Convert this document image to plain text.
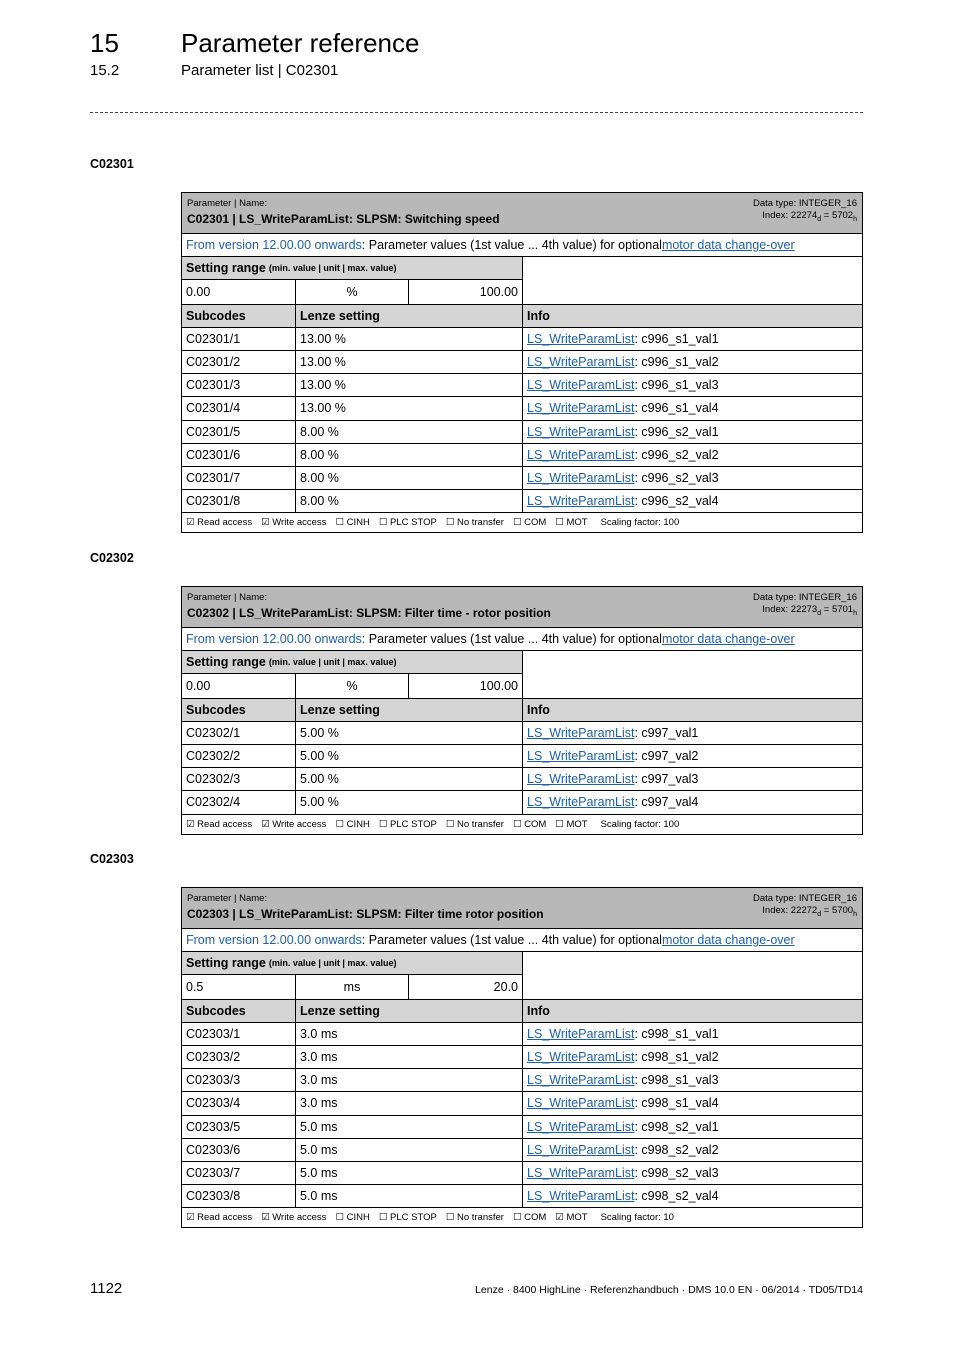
15 Parameter reference
15.2	Parameter list | C02301
C02301
Parameter | Name:
C02301 | LS_WriteParamList: SLPSM: Switching speed
Data type: INTEGER_16
Index: $22274_d = 5702_h$
From version 12.00.00 onwards : Parameter values (1st value ... 4th value) for optional motor data change-over
Setting range (min. value | unit | max. value)
0.00	%	100.00
Subcodes	Lenze setting	Info
C02301/1	13.00 %	LS_WriteParamList : c996_s1_val1
C02301/2	13.00 %	LS_WriteParamList : c996_s1_val2
C02301/3	13.00 %	LS_WriteParamList : c996_s1_val3
C02301/4	13.00 %	LS_WriteParamList : c996_s1_val4
C02301/5	8.00 %	LS_WriteParamList : c996_s2_val1
C02301/6	8.00 %	LS_WriteParamList : c996_s2_val2
C02301/7	8.00 %	LS_WriteParamList : c996_s2_val3
C02301/8	8.00 %	LS_WriteParamList : c996_s2_val4
☑ Read access ☑ Write access ☐ CINH ☐ PLC STOP ☐ No transfer ☐ COM ☐ MOT Scaling factor: 100
C02302
Parameter | Name:
C02302 | LS_WriteParamList: SLPSM: Filter time - rotor position
Data type: INTEGER_16
Index: $22273_d = 5701_h$
From version 12.00.00 onwards : Parameter values (1st value ... 4th value) for optional motor data change-over
Setting range (min. value | unit | max. value)
0.00	%	100.00
Subcodes	Lenze setting	Info
C02302/1	5.00 %	LS_WriteParamList : c997_val1
C02302/2	5.00 %	LS_WriteParamList : c997_val2
C02302/3	5.00 %	LS_WriteParamList : c997_val3
C02302/4	5.00 %	LS_WriteParamList : c997_val4
☑ Read access ☑ Write access ☐ CINH ☐ PLC STOP ☐ No transfer ☐ COM ☐ MOT Scaling factor: 100
C02303
Parameter | Name:
C02303 | LS_WriteParamList: SLPSM: Filter time rotor position
Data type: INTEGER_16
Index: $22272_d = 5700_h$
From version 12.00.00 onwards : Parameter values (1st value ... 4th value) for optional motor data change-over
Setting range (min. value | unit | max. value)
0.5	ms	20.0
Subcodes	Lenze setting	Info
C02303/1	3.0 ms	LS_WriteParamList : c998_s1_val1
C02303/2	3.0 ms	LS_WriteParamList : c998_s1_val2
C02303/3	3.0 ms	LS_WriteParamList : c998_s1_val3
C02303/4	3.0 ms	LS_WriteParamList : c998_s1_val4
C02303/5	5.0 ms	LS_WriteParamList : c998_s2_val1
C02303/6	5.0 ms	LS_WriteParamList : c998_s2_val2
C02303/7	5.0 ms	LS_WriteParamList : c998_s2_val3
C02303/8	5.0 ms	LS_WriteParamList : c998_s2_val4
☑ Read access ☑ Write access ☐ CINH ☐ PLC STOP ☐ No transfer ☐ COM ☑ MOT Scaling factor: 10
1122	Lenze · 8400 HighLine · Referenzhandbuch · DMS 10.0 EN · 06/2014 · TD05/TD14
